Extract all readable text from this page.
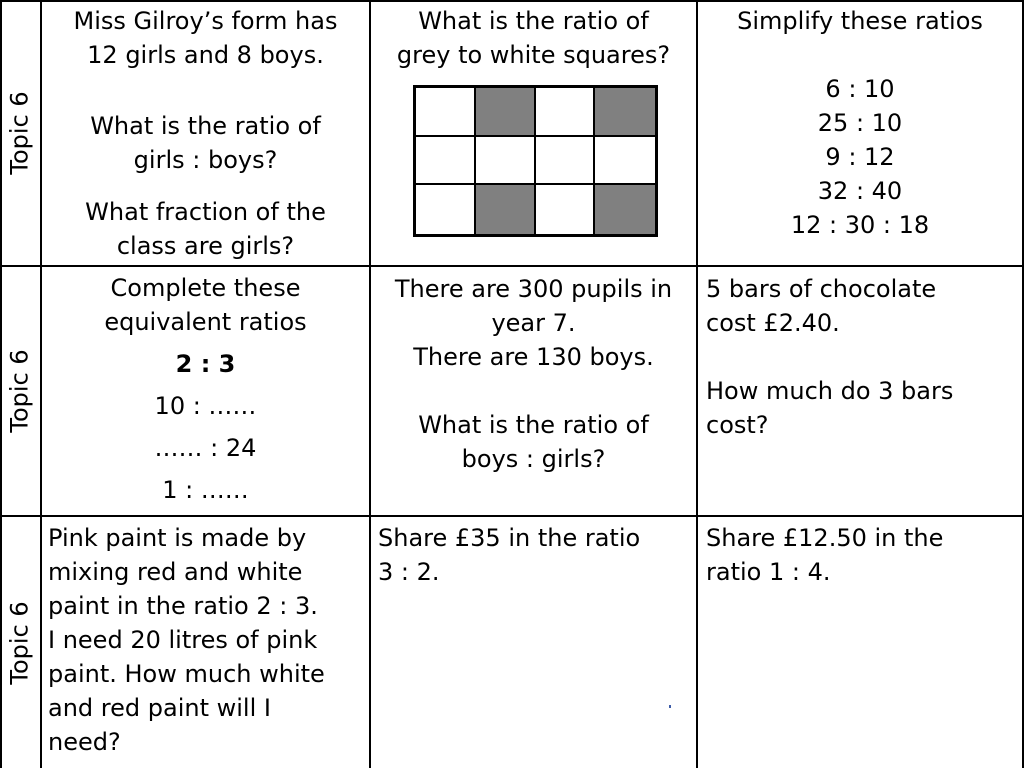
Topic 6
Topic 6
Topic 6
Miss Gilroy’s form has
12 girls and 8 boys.
What is the ratio of
girls : boys?
What fraction of the
class are girls?
What is the ratio of
grey to white squares?
Simplify these ratios
6 : 10
25 : 10
9 : 12
32 : 40
12 : 30 : 18
Complete these
equivalent ratios
2 : 3
10 : ……
…… : 24
1 : ……
There are 300 pupils in
year 7.
There are 130 boys.
What is the ratio of
boys : girls?
5 bars of chocolate
cost £2.40.
How much do 3 bars
cost?
Pink paint is made by
mixing red and white
paint in the ratio 2 : 3.
I need 20 litres of pink
paint. How much white
and red paint will I
need?
Share £35 in the ratio
3 : 2.
Share £12.50 in the
ratio 1 : 4.
